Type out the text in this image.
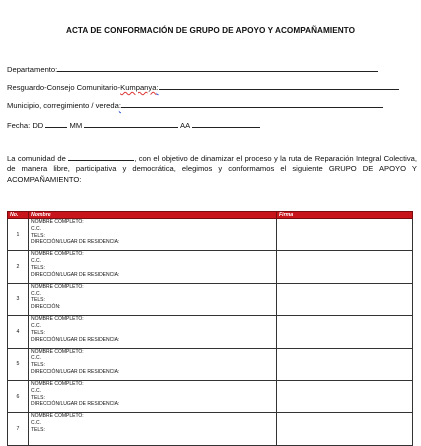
ACTA DE CONFORMACIÓN DE GRUPO DE APOYO Y ACOMPAÑAMIENTO
Departamento:
Resguardo-Consejo Comunitario-Kumpanya:
Municipio, corregimiento / vereda:
Fecha: DD	MM	AA
La comunidad de	, con el objetivo de dinamizar el proceso y la ruta de Reparación Integral Colectiva, de manera libre, participativa y democrática, elegimos y conformamos el siguiente GRUPO DE APOYO Y ACOMPAÑAMIENTO:
No.	Nombre	Firma
1	NOMBRE COMPLETO:
C.C.
TELS:
DIRECCIÓN/LUGAR DE RESIDENCIA:	

2	NOMBRE COMPLETO:
C.C.
TELS:
DIRECCIÓN/LUGAR DE RESIDENCIA:	

3	NOMBRE COMPLETO:
C.C.
TELS:
DIRECCIÓN:	

4	NOMBRE COMPLETO:
C.C.
TELS:
DIRECCIÓN/LUGAR DE RESIDENCIA:	

5	NOMBRE COMPLETO:
C.C.
TELS:
DIRECCIÓN/LUGAR DE RESIDENCIA:	

6	NOMBRE COMPLETO:
C.C.
TELS:
DIRECCIÓN/LUGAR DE RESIDENCIA:	

7	NOMBRE COMPLETO:
C.C.
TELS:	
